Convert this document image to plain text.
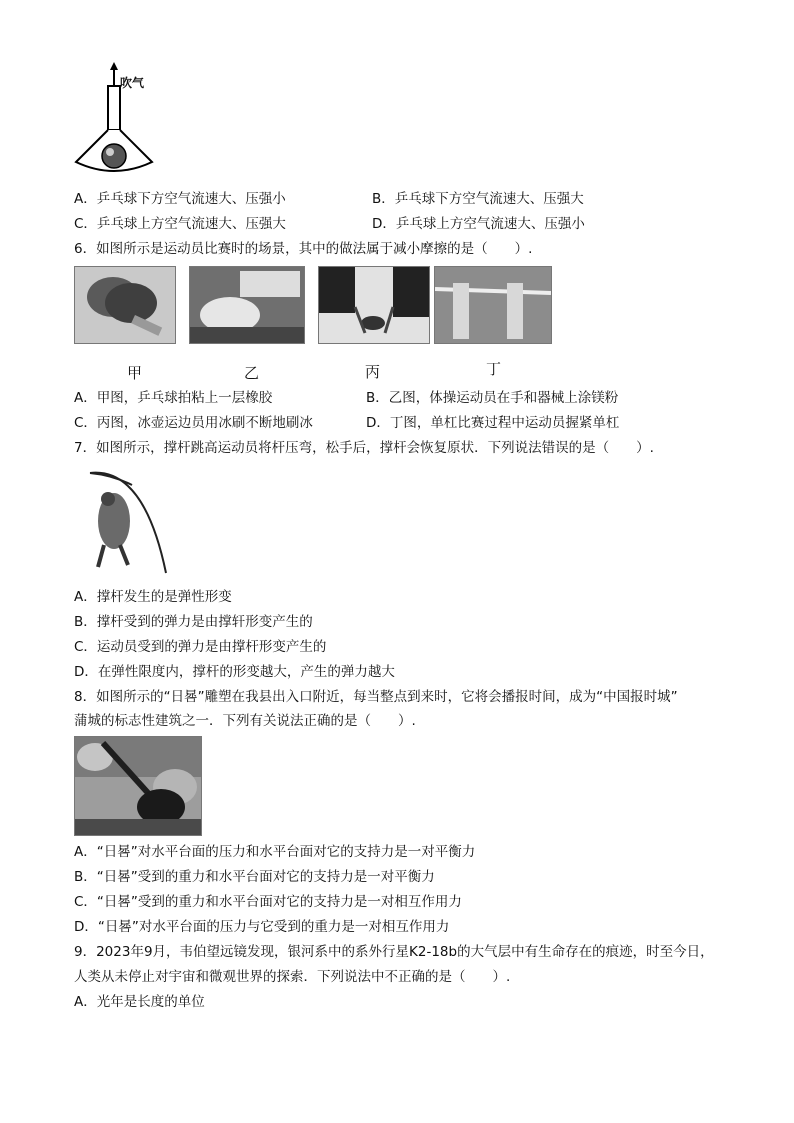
吹气
A．乒乓球下方空气流速大、压强小	B．乒乓球下方空气流速大、压强大
C．乒乓球上方空气流速大、压强大	D．乒乓球上方空气流速大、压强小
6．如图所示是运动员比赛时的场景，其中的做法属于减小摩擦的是（　　）.
甲	乙	丙	丁
A．甲图，乒乓球拍粘上一层橡胶	B．乙图，体操运动员在手和器械上涂镁粉
C．丙图，冰壶运边员用冰刷不断地刷冰	D．丁图，单杠比赛过程中运动员握紧单杠
7．如图所示，撑杆跳高运动员将杆压弯，松手后，撑杆会恢复原状．下列说法错误的是（　　）.
A．撑杆发生的是弹性形变
B．撑杆受到的弹力是由撑轩形变产生的
C．运动员受到的弹力是由撑杆形变产生的
D．在弹性限度内，撑杆的形变越大，产生的弹力越大
8．如图所示的“日晷”雕塑在我县出入口附近，每当整点到来时，它将会播报时间，成为“中国报时城”
蒲城的标志性建筑之一．下列有关说法正确的是（　　）.
A．“日晷”对水平台面的压力和水平台面对它的支持力是一对平衡力
B．“日晷”受到的重力和水平台面对它的支持力是一对平衡力
C．“日晷”受到的重力和水平台面对它的支持力是一对相互作用力
D．“日晷”对水平台面的压力与它受到的重力是一对相互作用力
9．2023年9月，韦伯望远镜发现，银河系中的系外行星K2-18b的大气层中有生命存在的痕迹，时至今日，
人类从未停止对宇宙和微观世界的探索．下列说法中不正确的是（　　）.
A．光年是长度的单位
